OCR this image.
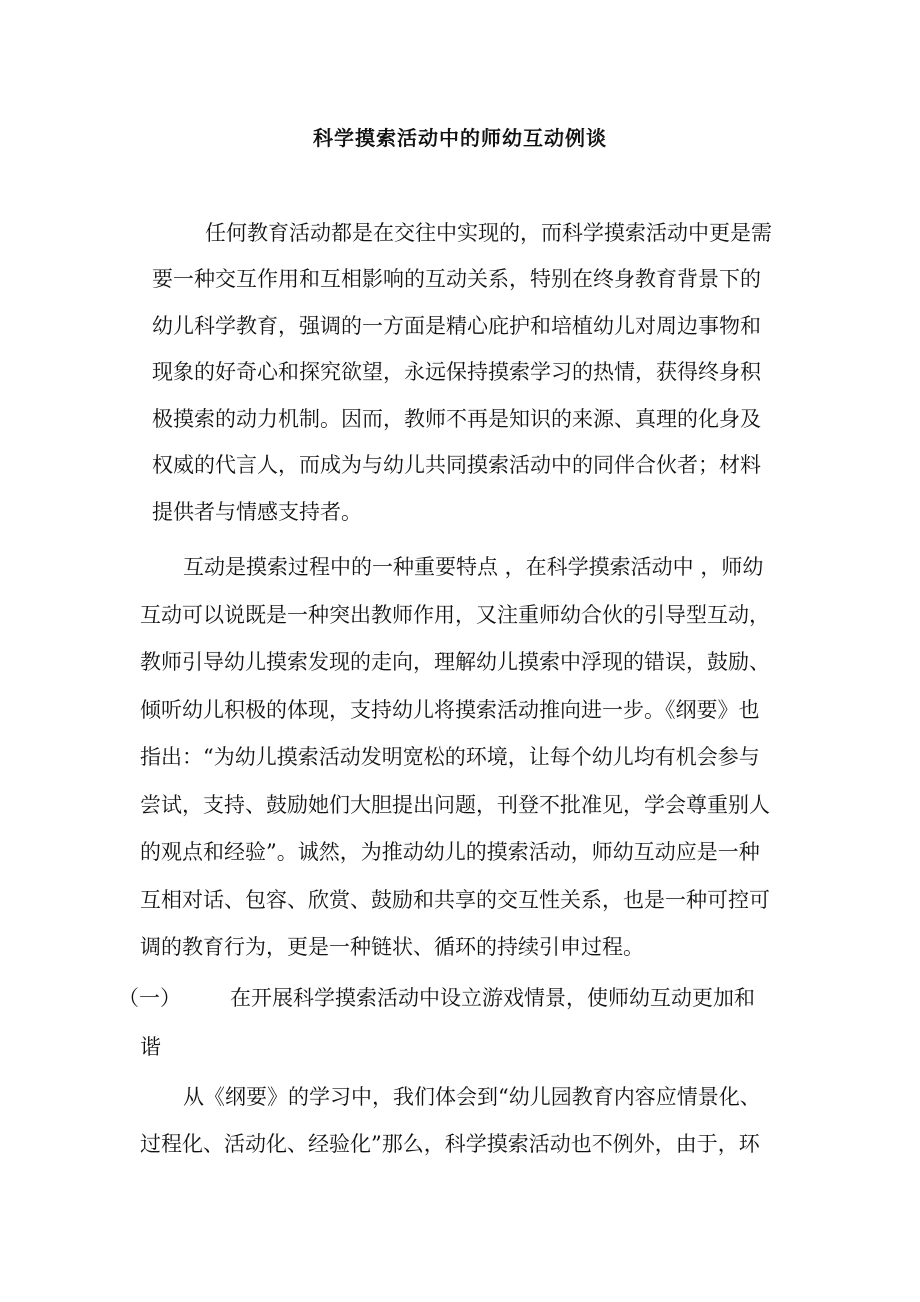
科学摸索活动中的师幼互动例谈
任何教育活动都是在交往中实现的，而科学摸索活动中更是需
要一种交互作用和互相影响的互动关系，特别在终身教育背景下的
幼儿科学教育，强调的一方面是精心庇护和培植幼儿对周边事物和
现象的好奇心和探究欲望，永远保持摸索学习的热情，获得终身积
极摸索的动力机制。因而，教师不再是知识的来源、真理的化身及
权威的代言人，而成为与幼儿共同摸索活动中的同伴合伙者；材料
提供者与情感支持者。
互动是摸索过程中的一种重要特点 ，在科学摸索活动中 ，师幼
互动可以说既是一种突出教师作用，又注重师幼合伙的引导型互动，
教师引导幼儿摸索发现的走向，理解幼儿摸索中浮现的错误，鼓励、
倾听幼儿积极的体现，支持幼儿将摸索活动推向进一步。《纲要》也
指出：“为幼儿摸索活动发明宽松的环境，让每个幼儿均有机会参与
尝试，支持、鼓励她们大胆提出问题，刊登不批准见，学会尊重别人
的观点和经验”。诚然，为推动幼儿的摸索活动，师幼互动应是一种
互相对话、包容、欣赏、鼓励和共享的交互性关系，也是一种可控可
调的教育行为，更是一种链状、循环的持续引申过程。
（一） 在开展科学摸索活动中设立游戏情景，使师幼互动更加和
谐
从《纲要》的学习中，我们体会到“幼儿园教育内容应情景化、
过程化、活动化、经验化”那么，科学摸索活动也不例外，由于，环
